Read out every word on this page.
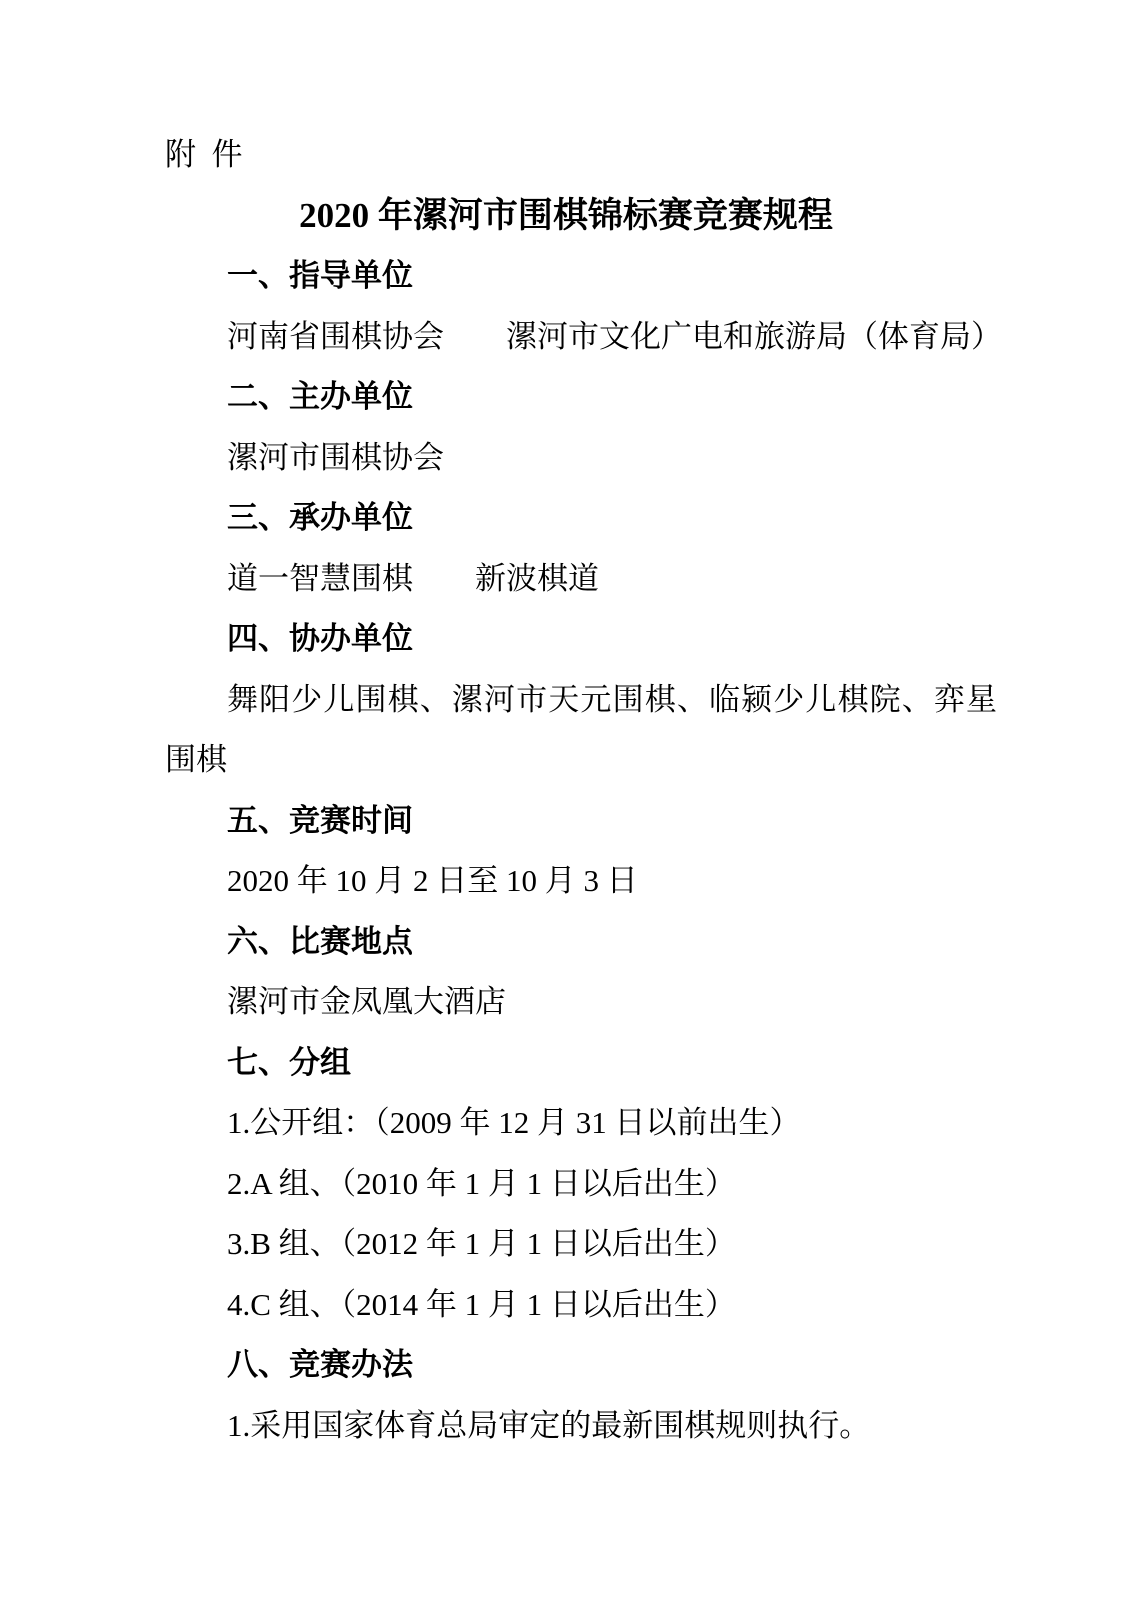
附  件

2020 年漯河市围棋锦标赛竞赛规程

一、指导单位

河南省围棋协会　　漯河市文化广电和旅游局（体育局）

二、主办单位

漯河市围棋协会

三、承办单位

道一智慧围棋　　新波棋道

四、协办单位

舞阳少儿围棋、漯河市天元围棋、临颍少儿棋院、弈星

围棋

五、竞赛时间

2020 年 10 月 2 日至 10 月 3 日

六、比赛地点

漯河市金凤凰大酒店

七、分组

1.公开组：（2009 年 12 月 31 日以前出生）

2.A 组、（2010 年 1 月 1 日以后出生）

3.B 组、（2012 年 1 月 1 日以后出生）

4.C 组、（2014 年 1 月 1 日以后出生）

八、竞赛办法

1.采用国家体育总局审定的最新围棋规则执行。
